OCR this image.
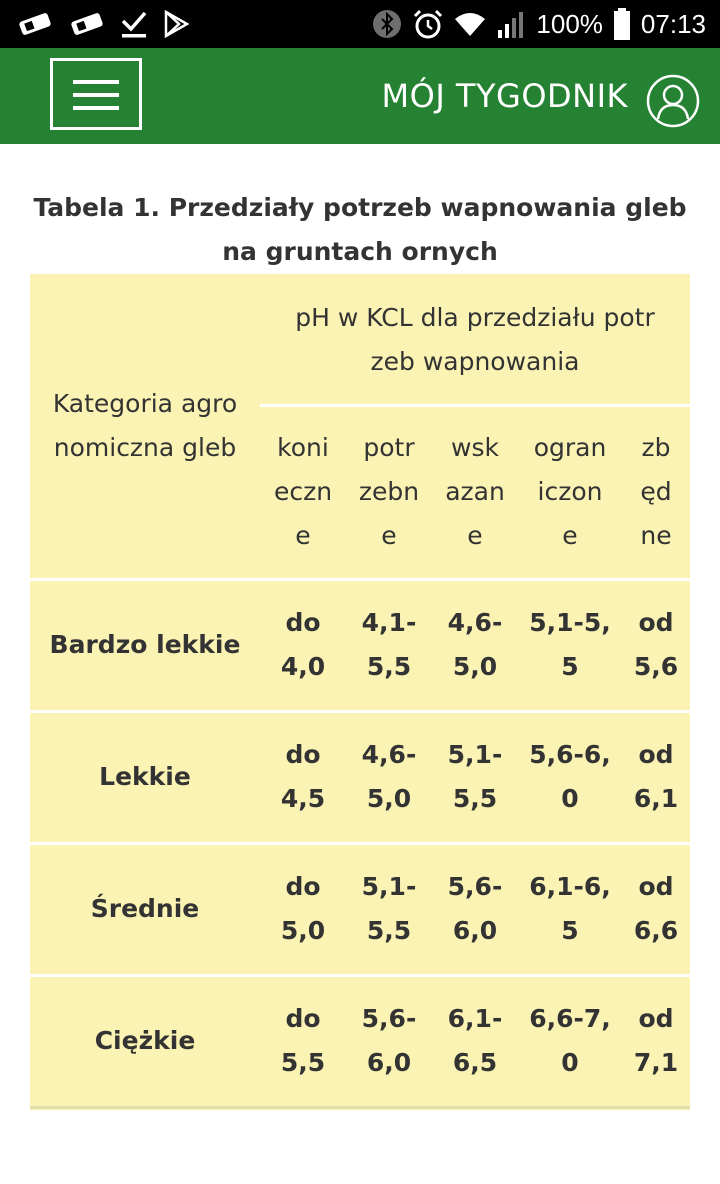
100% 07:13
MÓJ TYGODNIK
Tabela 1. Przedziały potrzeb wapnowania gleb
na gruntach ornych
Kategoria agro
nomiczna gleb
pH w KCL dla przedziału potr
zeb wapnowania
koni
eczn
e
potr
zebn
e
wsk
azan
e
ogran
iczon
e
zb
ęd
ne
Bardzo lekkie
do
4,0
4,1-
5,5
4,6-
5,0
5,1-5,
5
od
5,6
Lekkie
do
4,5
4,6-
5,0
5,1-
5,5
5,6-6,
0
od
6,1
Średnie
do
5,0
5,1-
5,5
5,6-
6,0
6,1-6,
5
od
6,6
Ciężkie
do
5,5
5,6-
6,0
6,1-
6,5
6,6-7,
0
od
7,1
